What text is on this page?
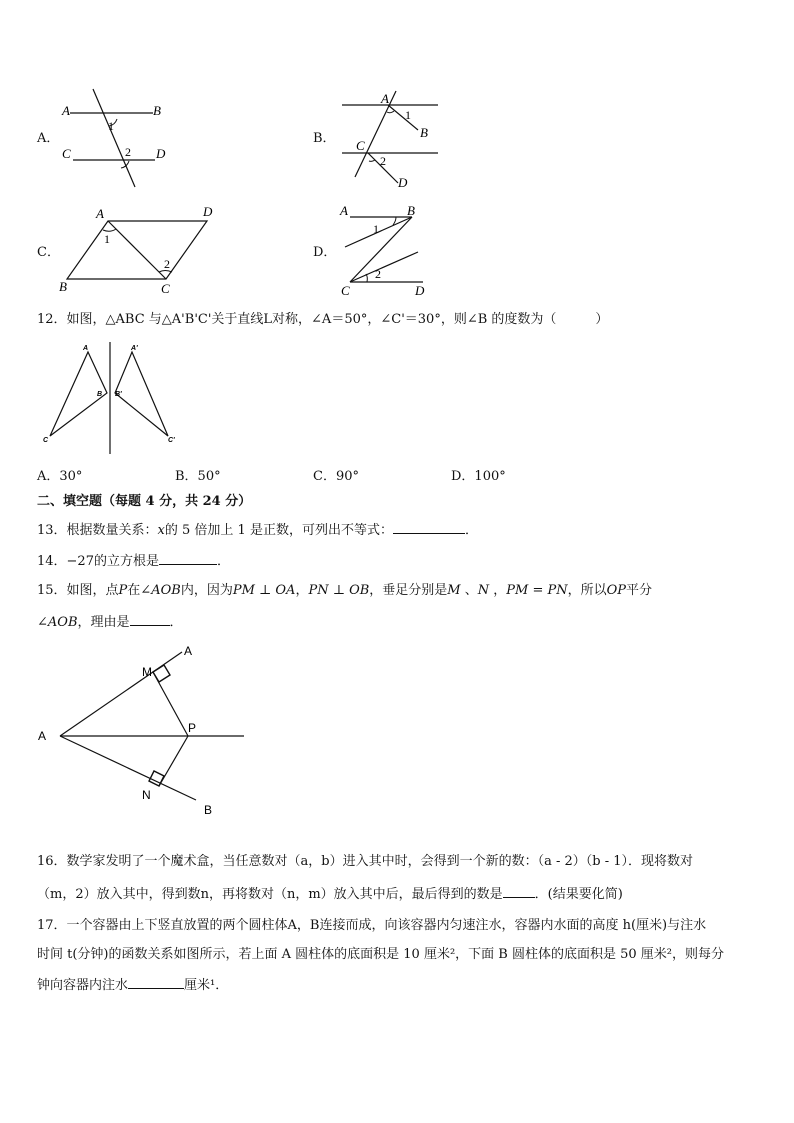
A．
A	B
C	D
1
2
B．
A
B
C
D
1
2
C．
A	D
B	C
1
2
D．
A	B
C	D
1
2
12．如图，△ABC 与△A'B'C'关于直线L对称，∠A＝50°，∠C'＝30°，则∠B 的度数为（　　　）
A
B
C
A'
B'
C'
A．30°	B．50°	C．90°	D．100°
二、填空题（每题 4 分，共 24 分）
13．根据数量关系：x的 5 倍加上 1 是正数，可列出不等式：	．
14．−27的立方根是	．
15．如图，点P在∠AOB内，因为PM ⊥ OA，PN ⊥ OB，垂足分别是M 、N ，PM = PN，所以OP平分
∠AOB，理由是	．
A
A
B
M
N
P
16．数学家发明了一个魔术盒，当任意数对（a，b）进入其中时，会得到一个新的数：（a - 2）（b - 1）．现将数对
（m，2）放入其中，得到数n，再将数对（n，m）放入其中后，最后得到的数是 ．(结果要化简)
17．一个容器由上下竖直放置的两个圆柱体A，B连接而成，向该容器内匀速注水，容器内水面的高度 h(厘米)与注水
时间 t(分钟)的函数关系如图所示，若上面 A 圆柱体的底面积是 10 厘米²，下面 B 圆柱体的底面积是 50 厘米²，则每分
钟向容器内注水	厘米¹．
